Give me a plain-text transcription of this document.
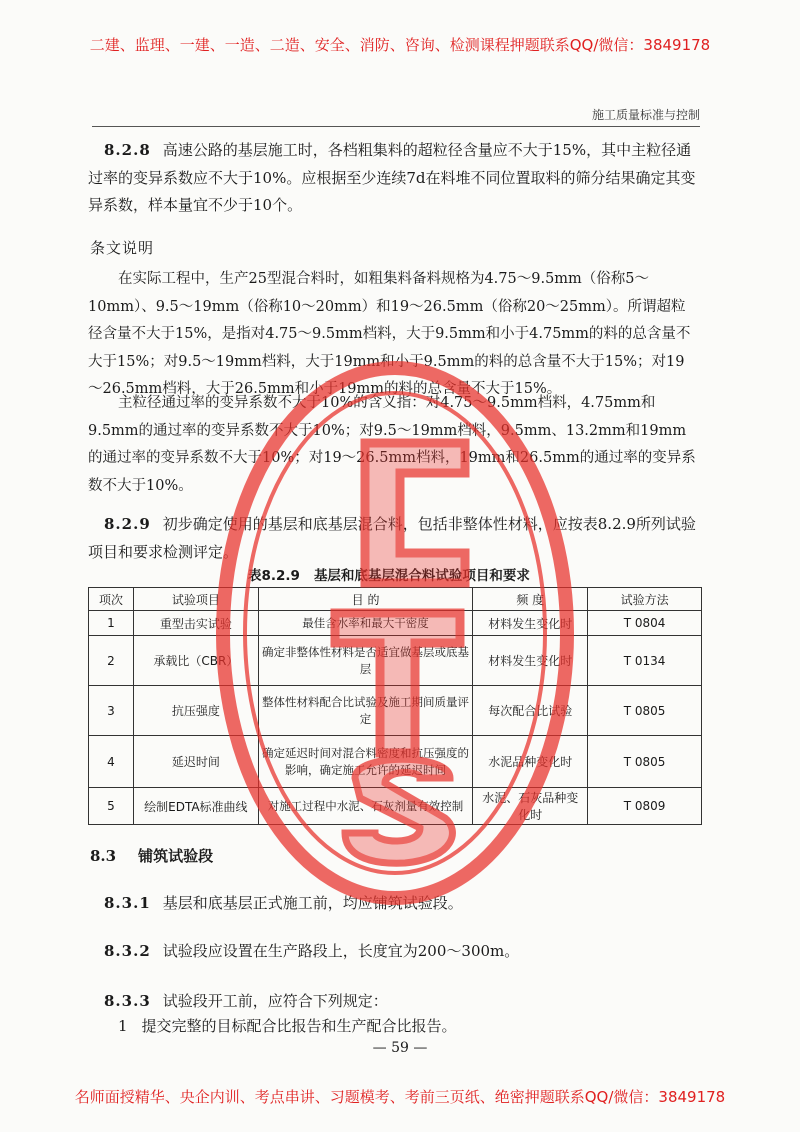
二建、监理、一建、一造、二造、安全、消防、咨询、检测课程押题联系QQ/微信：3849178
施工质量标准与控制

8.2.8 高速公路的基层施工时，各档粗集料的超粒径含量应不大于15%，其中主粒径通过率的变异系数应不大于10%。应根据至少连续7d在料堆不同位置取料的筛分结果确定其变异系数，样本量宜不少于10个。

条文说明

在实际工程中，生产25型混合料时，如粗集料备料规格为4.75～9.5mm（俗称5～10mm）、9.5～19mm（俗称10～20mm）和19～26.5mm（俗称20～25mm）。所谓超粒径含量不大于15%，是指对4.75～9.5mm档料，大于9.5mm和小于4.75mm的料的总含量不大于15%；对9.5～19mm档料，大于19mm和小于9.5mm的料的总含量不大于15%；对19～26.5mm档料，大于26.5mm和小于19mm的料的总含量不大于15%。

主粒径通过率的变异系数不大于10%的含义指：对4.75～9.5mm档料，4.75mm和9.5mm的通过率的变异系数不大于10%；对9.5～19mm档料，9.5mm、13.2mm和19mm的通过率的变异系数不大于10%；对19～26.5mm档料，19mm和26.5mm的通过率的变异系数不大于10%。

8.2.9 初步确定使用的基层和底基层混合料，包括非整体性材料，应按表8.2.9所列试验项目和要求检测评定。

表8.2.9 基层和底基层混合料试验项目和要求
项次	试验项目	目 的	频 度	试验方法
1	重型击实试验	最佳含水率和最大干密度	材料发生变化时	T 0804
2	承载比（CBR）	确定非整体性材料是否适宜做基层或底基层	材料发生变化时	T 0134
3	抗压强度	整体性材料配合比试验及施工期间质量评定	每次配合比试验	T 0805
4	延迟时间	确定延迟时间对混合料密度和抗压强度的影响，确定施工允许的延迟时间	水泥品种变化时	T 0805
5	绘制EDTA标准曲线	对施工过程中水泥、石灰剂量有效控制	水泥、石灰品种变化时	T 0809

8.3 铺筑试验段

8.3.1 基层和底基层正式施工前，均应铺筑试验段。

8.3.2 试验段应设置在生产路段上，长度宜为200～300m。

8.3.3 试验段开工前，应符合下列规定：

1 提交完整的目标配合比报告和生产配合比报告。

— 59 —
名师面授精华、央企内训、考点串讲、习题模考、考前三页纸、绝密押题联系QQ/微信：3849178
